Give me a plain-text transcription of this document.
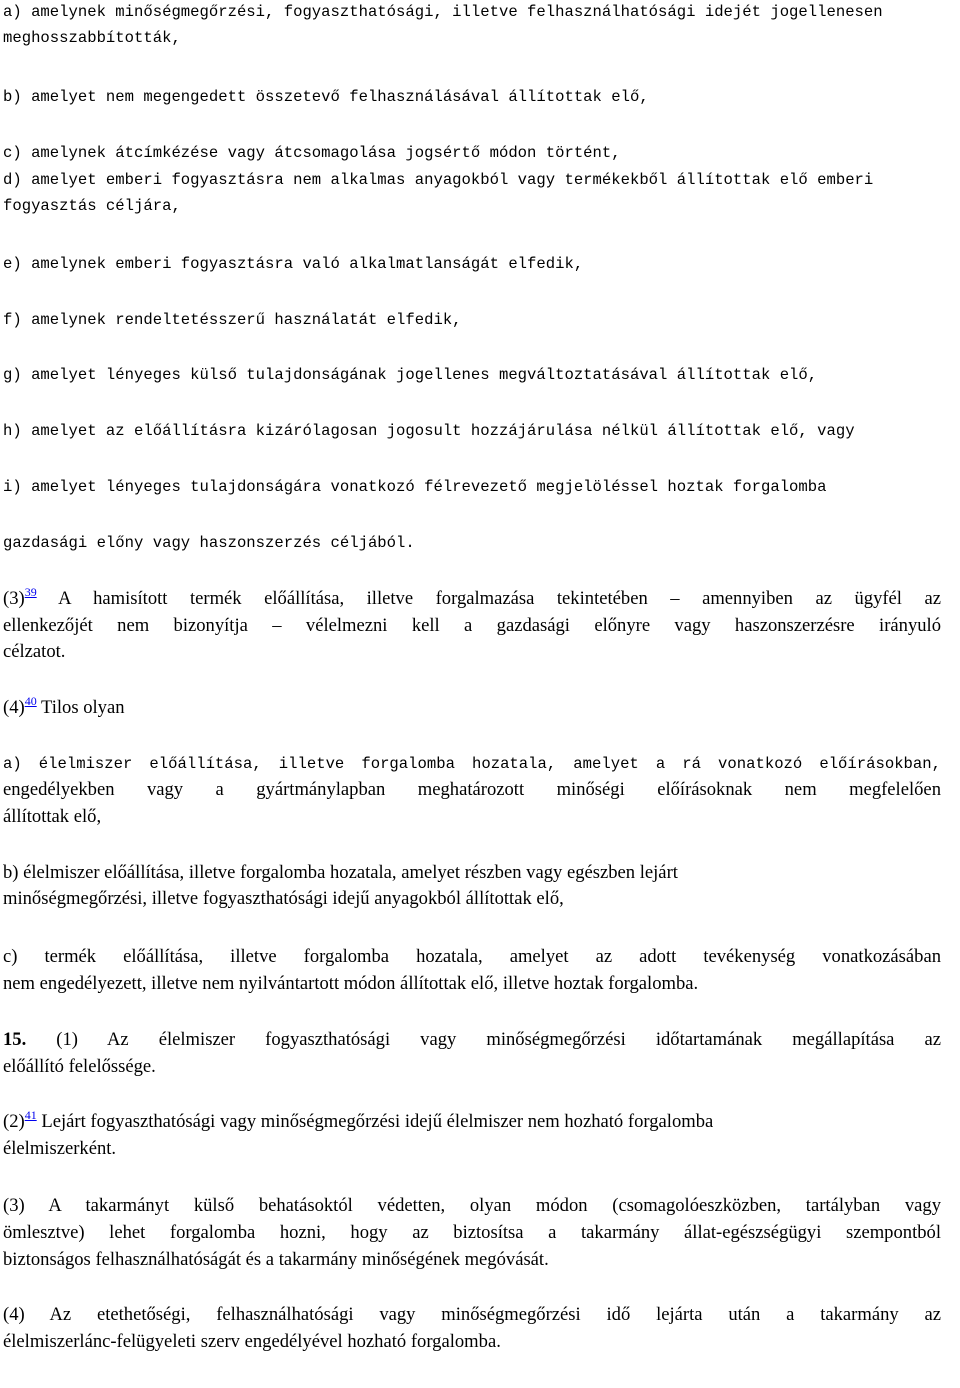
a) amelynek minőségmegőrzési, fogyaszthatósági, illetve felhasználhatósági idejét jogellenesen
meghosszabbították,
b) amelyet nem megengedett összetevő felhasználásával állítottak elő,
c) amelynek átcímkézése vagy átcsomagolása jogsértő módon történt,
d) amelyet emberi fogyasztásra nem alkalmas anyagokból vagy termékekből állítottak elő emberi
fogyasztás céljára,
e) amelynek emberi fogyasztásra való alkalmatlanságát elfedik,
f) amelynek rendeltetésszerű használatát elfedik,
g) amelyet lényeges külső tulajdonságának jogellenes megváltoztatásával állítottak elő,
h) amelyet az előállításra kizárólagosan jogosult hozzájárulása nélkül állítottak elő, vagy
i) amelyet lényeges tulajdonságára vonatkozó félrevezető megjelöléssel hoztak forgalomba
gazdasági előny vagy haszonszerzés céljából.
(3)$^{39}$ A hamisított termék előállítása, illetve forgalmazása tekintetében – amennyiben az ügyfél az
ellenkezőjét nem bizonyítja – vélelmezni kell a gazdasági előnyre vagy haszonszerzésre irányuló
célzatot.
(4)$^{40}$ Tilos olyan
a) élelmiszer előállítása, illetve forgalomba hozatala, amelyet a rá vonatkozó előírásokban,
engedélyekben vagy a gyártmánylapban meghatározott minőségi előírásoknak nem megfelelően
állítottak elő,
b) élelmiszer előállítása, illetve forgalomba hozatala, amelyet részben vagy egészben lejárt
minőségmegőrzési, illetve fogyaszthatósági idejű anyagokból állítottak elő,
c) termék előállítása, illetve forgalomba hozatala, amelyet az adott tevékenység vonatkozásában
nem engedélyezett, illetve nem nyilvántartott módon állítottak elő, illetve hoztak forgalomba.
15. (1) Az élelmiszer fogyaszthatósági vagy minőségmegőrzési időtartamának megállapítása az
előállító felelőssége.
(2)$^{41}$ Lejárt fogyaszthatósági vagy minőségmegőrzési idejű élelmiszer nem hozható forgalomba
élelmiszerként.
(3) A takarmányt külső behatásoktól védetten, olyan módon (csomagolóeszközben, tartályban vagy
ömlesztve) lehet forgalomba hozni, hogy az biztosítsa a takarmány állat-egészségügyi szempontból
biztonságos felhasználhatóságát és a takarmány minőségének megóvását.
(4) Az etethetőségi, felhasználhatósági vagy minőségmegőrzési idő lejárta után a takarmány az
élelmiszerlánc-felügyeleti szerv engedélyével hozható forgalomba.
